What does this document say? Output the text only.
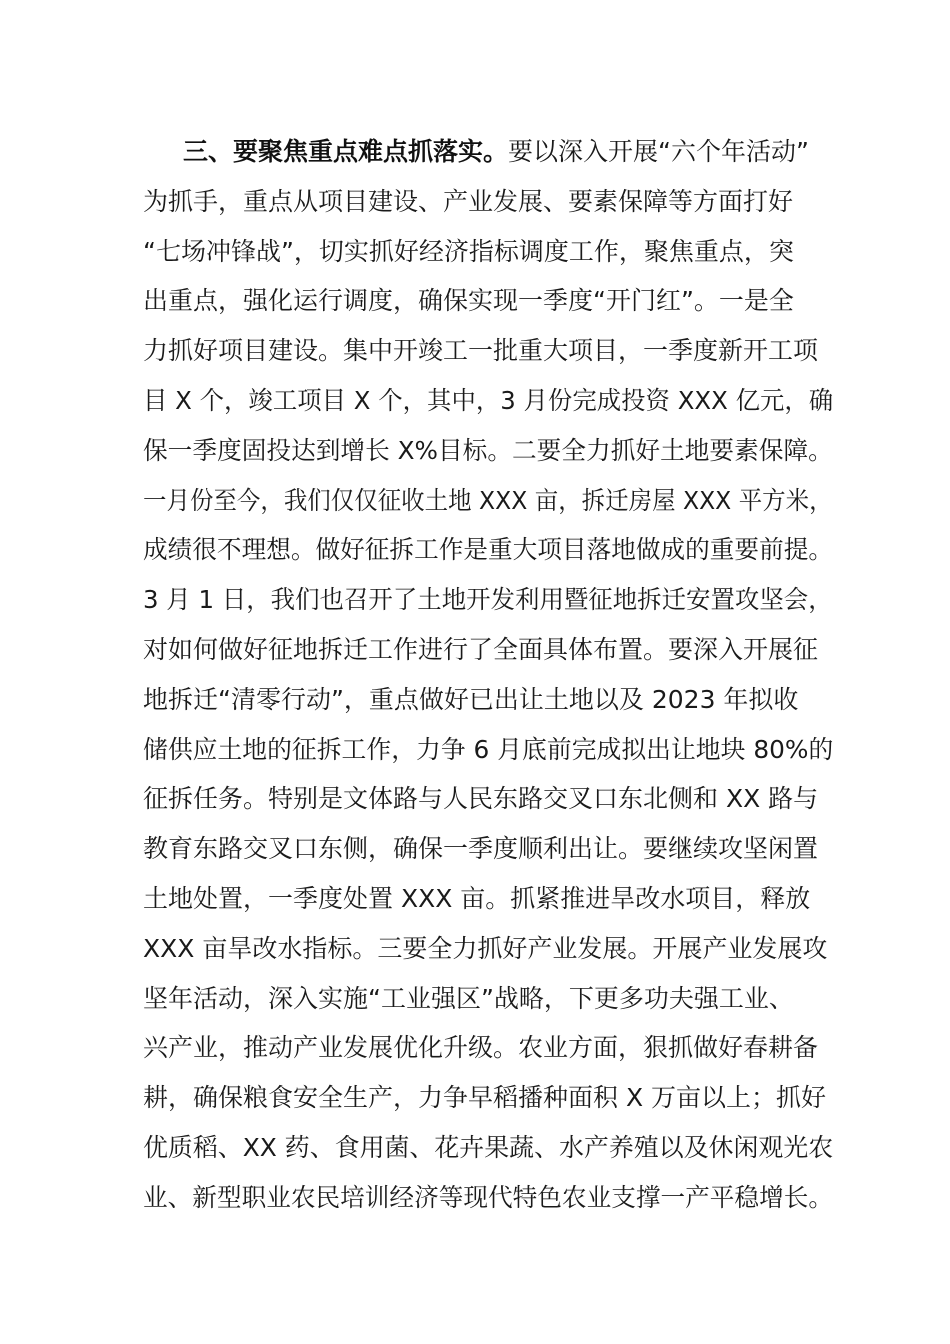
三、要聚焦重点难点抓落实。要以深入开展“六个年活动”
为抓手，重点从项目建设、产业发展、要素保障等方面打好
“七场冲锋战”，切实抓好经济指标调度工作，聚焦重点，突
出重点，强化运行调度，确保实现一季度“开门红”。一是全
力抓好项目建设。集中开竣工一批重大项目，一季度新开工项
目 X 个，竣工项目 X 个，其中，3 月份完成投资 XXX 亿元，确
保一季度固投达到增长 X%目标。二要全力抓好土地要素保障。
一月份至今，我们仅仅征收土地 XXX 亩，拆迁房屋 XXX 平方米，
成绩很不理想。做好征拆工作是重大项目落地做成的重要前提。
3 月 1 日，我们也召开了土地开发利用暨征地拆迁安置攻坚会，
对如何做好征地拆迁工作进行了全面具体布置。要深入开展征
地拆迁“清零行动”，重点做好已出让土地以及 2023 年拟收
储供应土地的征拆工作，力争 6 月底前完成拟出让地块 80%的
征拆任务。特别是文体路与人民东路交叉口东北侧和 XX 路与
教育东路交叉口东侧，确保一季度顺利出让。要继续攻坚闲置
土地处置，一季度处置 XXX 亩。抓紧推进旱改水项目，释放
XXX 亩旱改水指标。三要全力抓好产业发展。开展产业发展攻
坚年活动，深入实施“工业强区”战略，下更多功夫强工业、
兴产业，推动产业发展优化升级。农业方面，狠抓做好春耕备
耕，确保粮食安全生产，力争早稻播种面积 X 万亩以上；抓好
优质稻、XX 药、食用菌、花卉果蔬、水产养殖以及休闲观光农
业、新型职业农民培训经济等现代特色农业支撑一产平稳增长。
